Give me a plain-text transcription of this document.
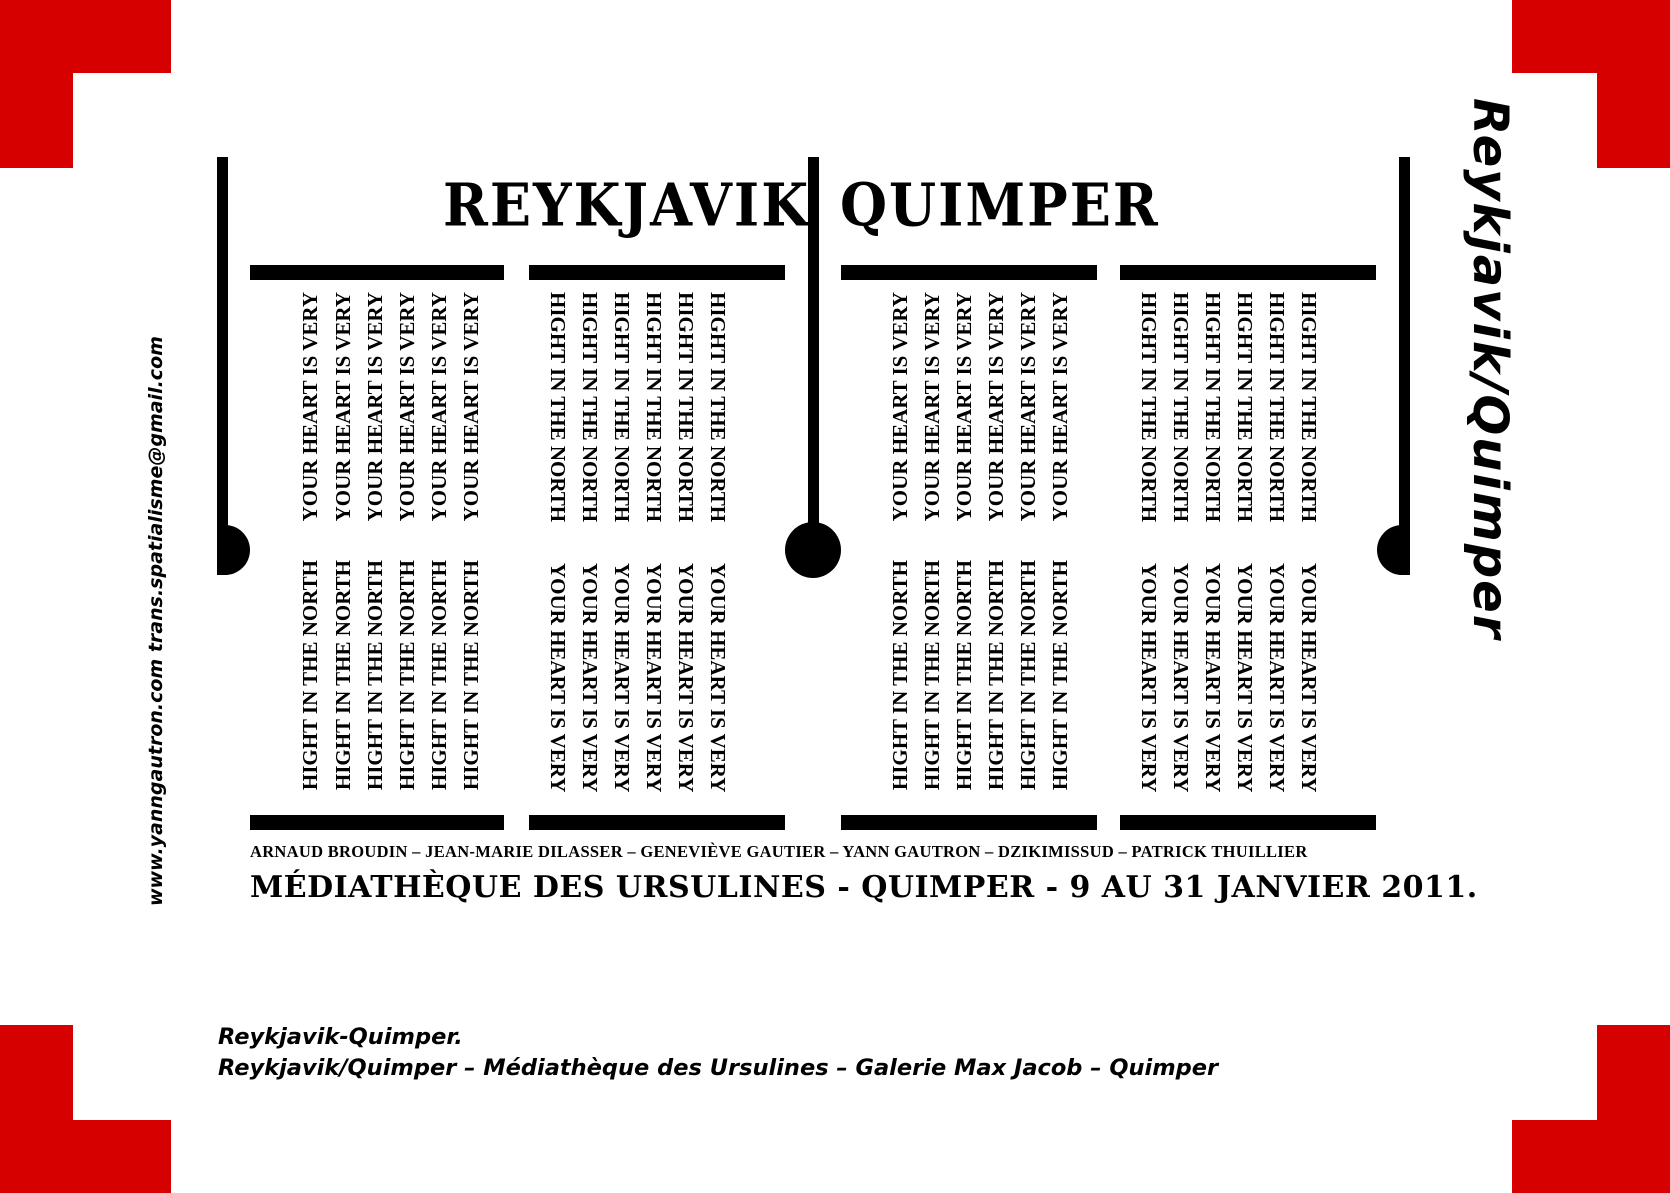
REYKJAVIK QUIMPER
YOUR HEART IS VERY YOUR HEART IS VERY YOUR HEART IS VERY YOUR HEART IS VERY YOUR HEART IS VERY YOUR HEART IS VERY
HIGHT IN THE NORTH HIGHT IN THE NORTH HIGHT IN THE NORTH HIGHT IN THE NORTH HIGHT IN THE NORTH HIGHT IN THE NORTH
HIGHT IN THE NORTH HIGHT IN THE NORTH HIGHT IN THE NORTH HIGHT IN THE NORTH HIGHT IN THE NORTH HIGHT IN THE NORTH
YOUR HEART IS VERY YOUR HEART IS VERY YOUR HEART IS VERY YOUR HEART IS VERY YOUR HEART IS VERY YOUR HEART IS VERY
YOUR HEART IS VERY YOUR HEART IS VERY YOUR HEART IS VERY YOUR HEART IS VERY YOUR HEART IS VERY YOUR HEART IS VERY
HIGHT IN THE NORTH HIGHT IN THE NORTH HIGHT IN THE NORTH HIGHT IN THE NORTH HIGHT IN THE NORTH HIGHT IN THE NORTH
HIGHT IN THE NORTH HIGHT IN THE NORTH HIGHT IN THE NORTH HIGHT IN THE NORTH HIGHT IN THE NORTH HIGHT IN THE NORTH
YOUR HEART IS VERY YOUR HEART IS VERY YOUR HEART IS VERY YOUR HEART IS VERY YOUR HEART IS VERY YOUR HEART IS VERY
ARNAUD BROUDIN – JEAN-MARIE DILASSER – GENEVIÈVE GAUTIER – YANN GAUTRON – DZIKIMISSUD – PATRICK THUILLIER
MÉDIATHÈQUE DES URSULINES - QUIMPER - 9 AU 31 JANVIER 2011.
Reykjavik/Quimper
www.yanngautron.com trans.spatialisme@gmail.com
Reykjavik-Quimper.
Reykjavik/Quimper – Médiathèque des Ursulines – Galerie Max Jacob – Quimper
